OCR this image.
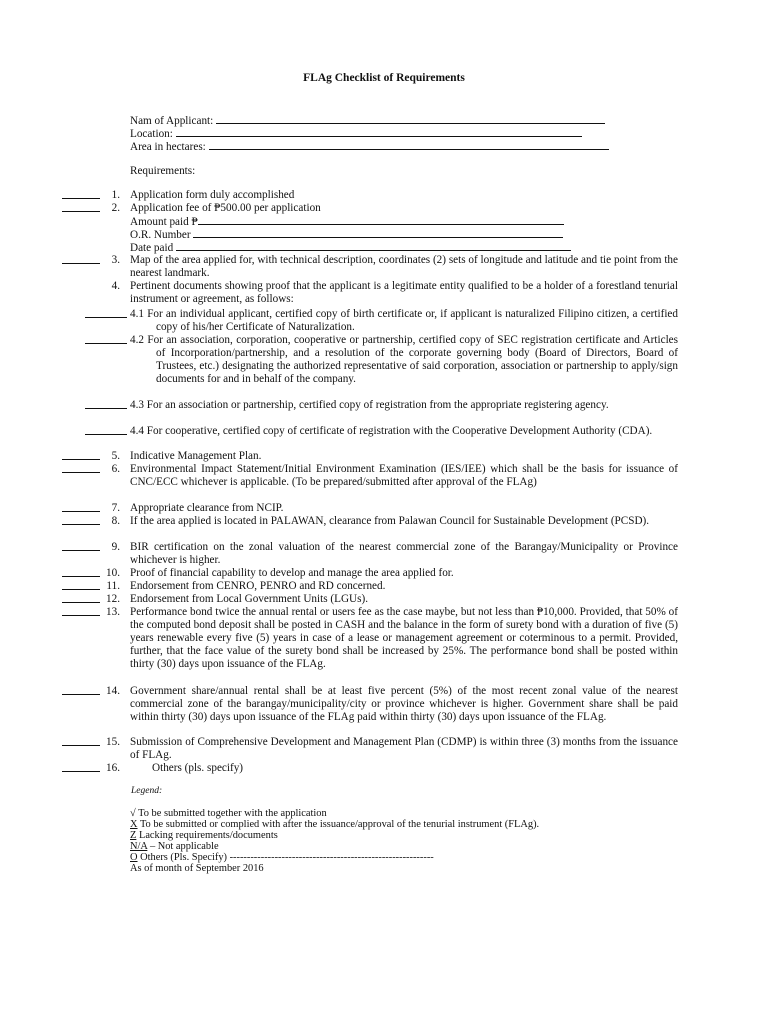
FLAg Checklist of Requirements
Nam of Applicant:
Location:
Area in hectares:
Requirements:
1. Application form duly accomplished
2. Application fee of ₱500.00 per application
Amount paid ₱
O.R. Number
Date paid
3. Map of the area applied for, with technical description, coordinates (2) sets of longitude and latitude and tie point from the nearest landmark.
4. Pertinent documents showing proof that the applicant is a legitimate entity qualified to be a holder of a forestland tenurial instrument or agreement, as follows:
4.1 For an individual applicant, certified copy of birth certificate or, if applicant is naturalized Filipino citizen, a certified copy of his/her Certificate of Naturalization.
4.2 For an association, corporation, cooperative or partnership, certified copy of SEC registration certificate and Articles of Incorporation/partnership, and a resolution of the corporate governing body (Board of Directors, Board of Trustees, etc.) designating the authorized representative of said corporation, association or partnership to apply/sign documents for and in behalf of the company.
4.3 For an association or partnership, certified copy of registration from the appropriate registering agency.
4.4 For cooperative, certified copy of certificate of registration with the Cooperative Development Authority (CDA).
5. Indicative Management Plan.
6. Environmental Impact Statement/Initial Environment Examination (IES/IEE) which shall be the basis for issuance of CNC/ECC whichever is applicable. (To be prepared/submitted after approval of the FLAg)
7. Appropriate clearance from NCIP.
8. If the area applied is located in PALAWAN, clearance from Palawan Council for Sustainable Development (PCSD).
9. BIR certification on the zonal valuation of the nearest commercial zone of the Barangay/Municipality or Province whichever is higher.
10. Proof of financial capability to develop and manage the area applied for.
11. Endorsement from CENRO, PENRO and RD concerned.
12. Endorsement from Local Government Units (LGUs).
13. Performance bond twice the annual rental or users fee as the case maybe, but not less than ₱10,000. Provided, that 50% of the computed bond deposit shall be posted in CASH and the balance in the form of surety bond with a duration of five (5) years renewable every five (5) years in case of a lease or management agreement or coterminous to a permit. Provided, further, that the face value of the surety bond shall be increased by 25%. The performance bond shall be posted within thirty (30) days upon issuance of the FLAg.
14. Government share/annual rental shall be at least five percent (5%) of the most recent zonal value of the nearest commercial zone of the barangay/municipality/city or province whichever is higher. Government share shall be paid within thirty (30) days upon issuance of the FLAg paid within thirty (30) days upon issuance of the FLAg.
15. Submission of Comprehensive Development and Management Plan (CDMP) is within three (3) months from the issuance of FLAg.
16.	Others (pls. specify)
Legend:
√ To be submitted together with the application
X To be submitted or complied with after the issuance/approval of the tenurial instrument (FLAg).
Z Lacking requirements/documents
N/A – Not applicable
O Others (Pls. Specify) -----------------------------------------------------------
As of month of September 2016
